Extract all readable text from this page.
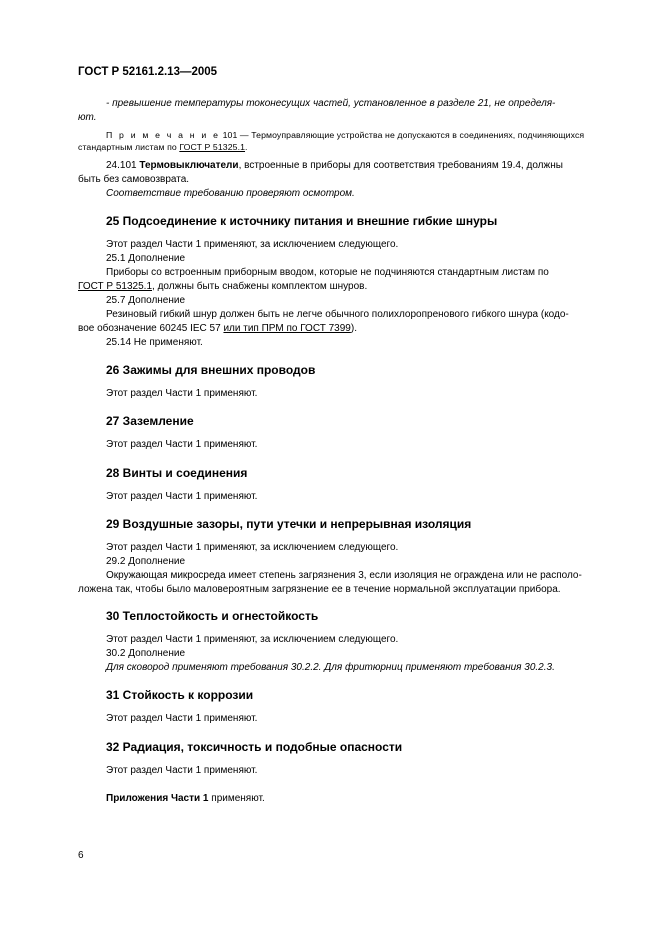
ГОСТ Р 52161.2.13—2005
- превышение температуры токонесущих частей, установленное в разделе 21, не определя-
ют.
П р и м е ч а н и е 101 — Термоуправляющие устройства не допускаются в соединениях, подчиняющихся
стандартным листам по ГОСТ Р 51325.1.
24.101 Термовыключатели, встроенные в приборы для соответствия требованиям 19.4, должны
быть без самовозврата.
Соответствие требованию проверяют осмотром.
25 Подсоединение к источнику питания и внешние гибкие шнуры
Этот раздел Части 1 применяют, за исключением следующего.
25.1 Дополнение
Приборы со встроенным приборным вводом, которые не подчиняются стандартным листам по
ГОСТ Р 51325.1, должны быть снабжены комплектом шнуров.
25.7 Дополнение
Резиновый гибкий шнур должен быть не легче обычного полихлоропренового гибкого шнура (кодо-
вое обозначение 60245 IEC 57 или тип ПРМ по ГОСТ 7399).
25.14 Не применяют.
26 Зажимы для внешних проводов
Этот раздел Части 1 применяют.
27 Заземление
Этот раздел Части 1 применяют.
28 Винты и соединения
Этот раздел Части 1 применяют.
29 Воздушные зазоры, пути утечки и непрерывная изоляция
Этот раздел Части 1 применяют, за исключением следующего.
29.2 Дополнение
Окружающая микросреда имеет степень загрязнения 3, если изоляция не ограждена или не располо-
ложена так, чтобы было маловероятным загрязнение ее в течение нормальной эксплуатации прибора.
30 Теплостойкость и огнестойкость
Этот раздел Части 1 применяют, за исключением следующего.
30.2 Дополнение
Для сковород применяют требования 30.2.2. Для фритюрниц применяют требования 30.2.3.
31 Стойкость к коррозии
Этот раздел Части 1 применяют.
32 Радиация, токсичность и подобные опасности
Этот раздел Части 1 применяют.
Приложения Части 1 применяют.
6
